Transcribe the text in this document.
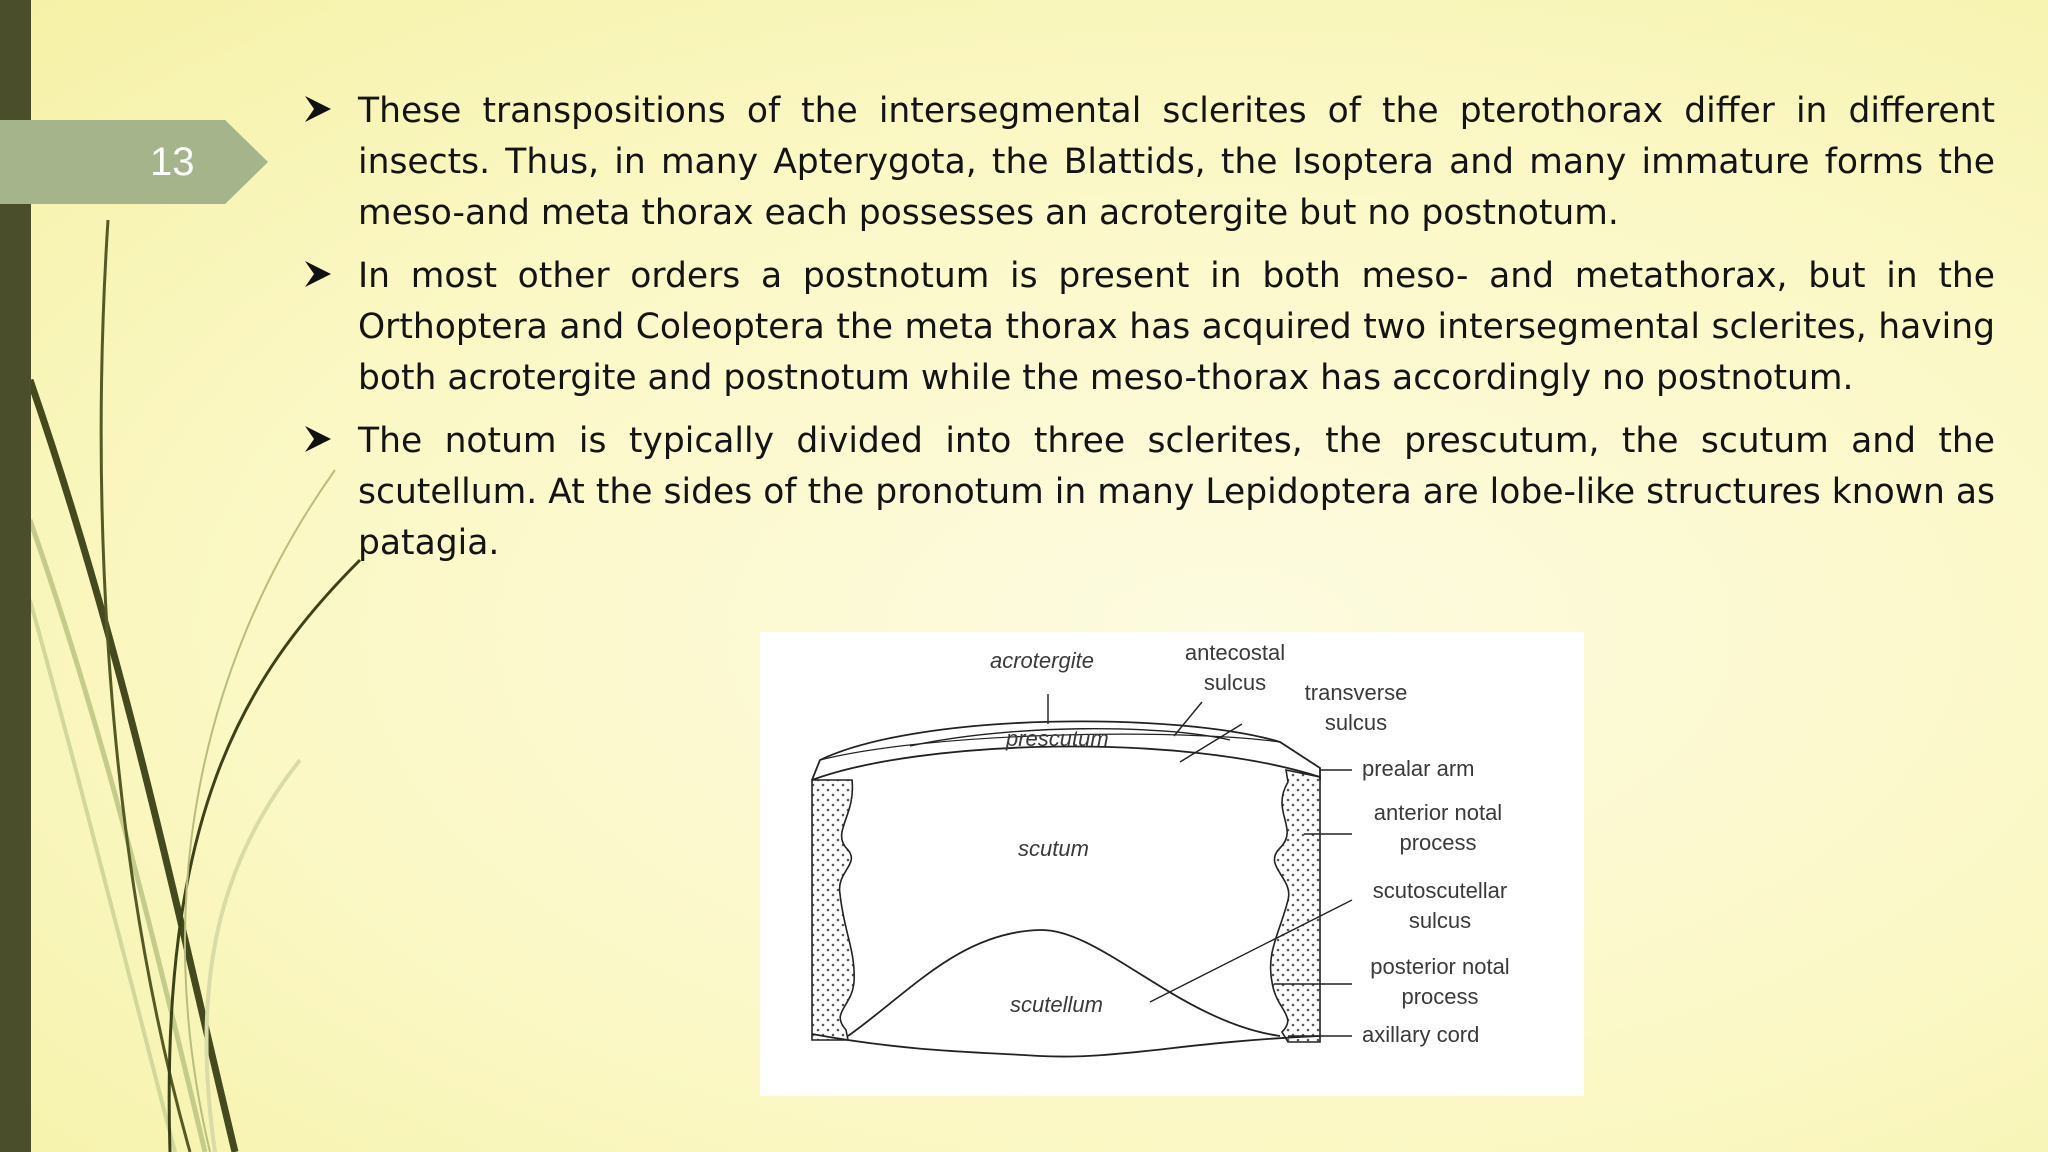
13
These transpositions of the intersegmental sclerites of the pterothorax differ in different insects. Thus, in many Apterygota, the Blattids, the Isoptera and many immature forms the meso-and meta thorax each possesses an acrotergite but no postnotum.
In most other orders a postnotum is present in both meso- and metathorax, but in the Orthoptera and Coleoptera the meta thorax has acquired two intersegmental sclerites, having both acrotergite and postnotum while the meso-thorax has accordingly no postnotum.
The notum is typically divided into three sclerites, the prescutum, the scutum and the scutellum. At the sides of the pronotum in many Lepidoptera are lobe-like structures known as patagia.
acrotergite	antecostal
sulcus	transverse
sulcus
prescutum
prealar arm
anterior notal
process
scutum
scutoscutellar
sulcus
posterior notal
process
scutellum
axillary cord
